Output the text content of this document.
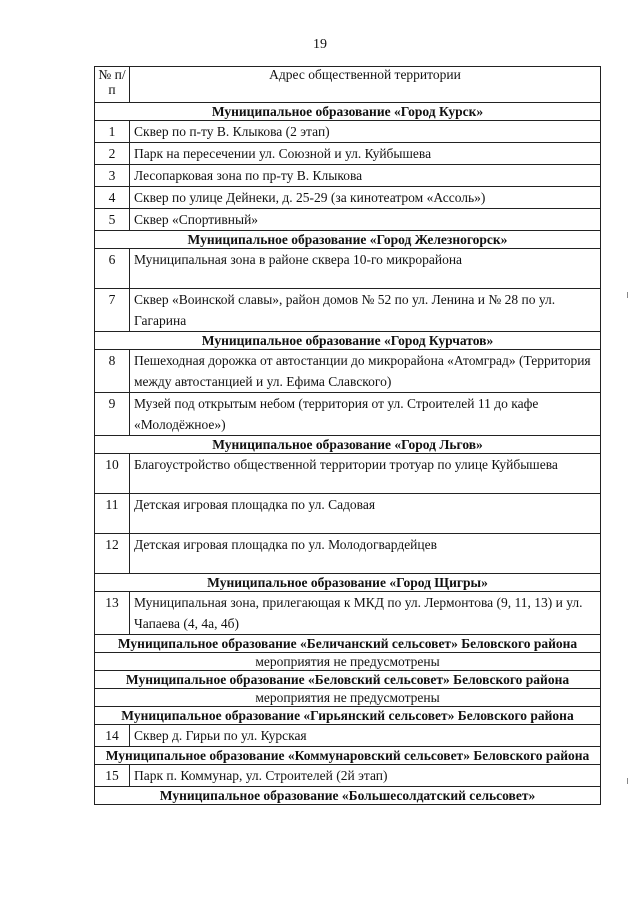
19
№ п/п	Адрес общественной территории
Муниципальное образование «Город Курск»	
1	Сквер по п-ту В. Клыкова (2 этап)
2	Парк на пересечении ул. Союзной и ул. Куйбышева
3	Лесопарковая зона по пр-ту В. Клыкова
4	Сквер по улице Дейнеки, д. 25-29 (за кинотеатром «Ассоль»)
5	Сквер «Спортивный»
Муниципальное образование «Город Железногорск»	
6	Муниципальная зона в районе сквера 10-го микрорайона
7	Сквер «Воинской славы», район домов № 52 по ул. Ленина и № 28 по ул. Гагарина
Муниципальное образование «Город Курчатов»	
8	Пешеходная дорожка от автостанции до микрорайона «Атомград» (Территория между автостанцией и ул. Ефима Славского)
9	Музей под открытым небом (территория от ул. Строителей 11 до кафе «Молодёжное»)
Муниципальное образование «Город Льгов»	
10	Благоустройство общественной территории тротуар по улице Куйбышева
11	Детская игровая площадка по ул. Садовая
12	Детская игровая площадка по ул. Молодогвардейцев
Муниципальное образование «Город Щигры»	
13	Муниципальная зона, прилегающая к МКД по ул. Лермонтова (9, 11, 13) и ул. Чапаева (4, 4а, 4б)
Муниципальное образование «Беличанский сельсовет» Беловского района	
мероприятия не предусмотрены	
Муниципальное образование «Беловский сельсовет» Беловского района	
мероприятия не предусмотрены	
Муниципальное образование «Гирьянский сельсовет» Беловского района	
14	Сквер д. Гирьи по ул. Курская
Муниципальное образование «Коммунаровский сельсовет» Беловского района	
15	Парк п. Коммунар, ул. Строителей (2й этап)
Муниципальное образование «Большесолдатский сельсовет»	
